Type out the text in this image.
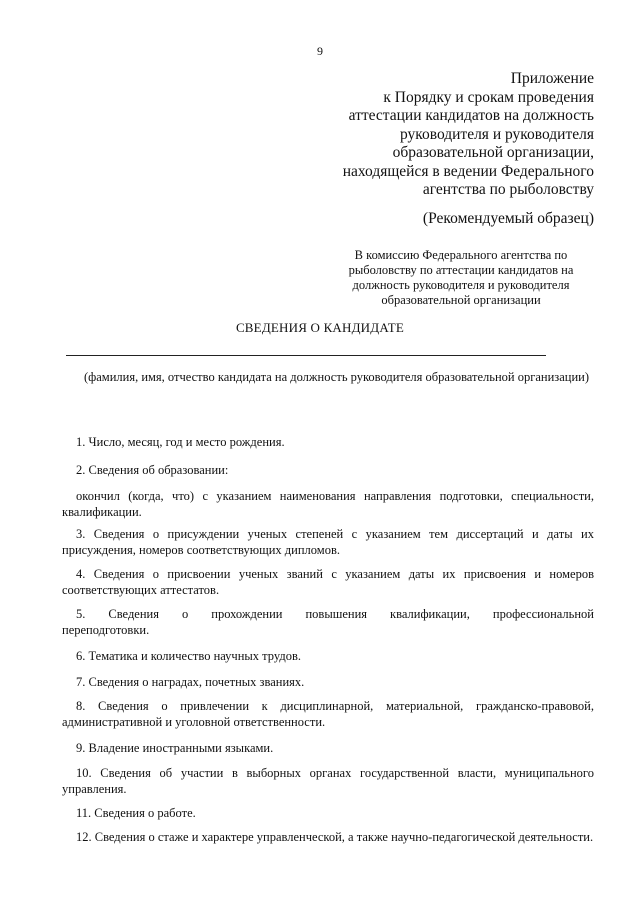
9
Приложение
к Порядку и срокам проведения
аттестации кандидатов на должность
руководителя и руководителя
образовательной организации,
находящейся в ведении Федерального
агентства по рыболовству
(Рекомендуемый образец)
В комиссию Федерального агентства по
рыболовству по аттестации кандидатов на
должность руководителя и руководителя
образовательной организации
СВЕДЕНИЯ О КАНДИДАТЕ
(фамилия, имя, отчество кандидата на должность руководителя образовательной организации)
1. Число, месяц, год и место рождения.
2. Сведения об образовании:
окончил (когда, что) с указанием наименования направления подготовки, специальности, квалификации.
3. Сведения о присуждении ученых степеней с указанием тем диссертаций и даты их присуждения, номеров соответствующих дипломов.
4. Сведения о присвоении ученых званий с указанием даты их присвоения и номеров соответствующих аттестатов.
5. Сведения о прохождении повышения квалификации, профессиональной переподготовки.
6. Тематика и количество научных трудов.
7. Сведения о наградах, почетных званиях.
8. Сведения о привлечении к дисциплинарной, материальной, гражданско-правовой, административной и уголовной ответственности.
9. Владение иностранными языками.
10. Сведения об участии в выборных органах государственной власти, муниципального управления.
11. Сведения о работе.
12. Сведения о стаже и характере управленческой, а также научно-педагогической деятельности.
